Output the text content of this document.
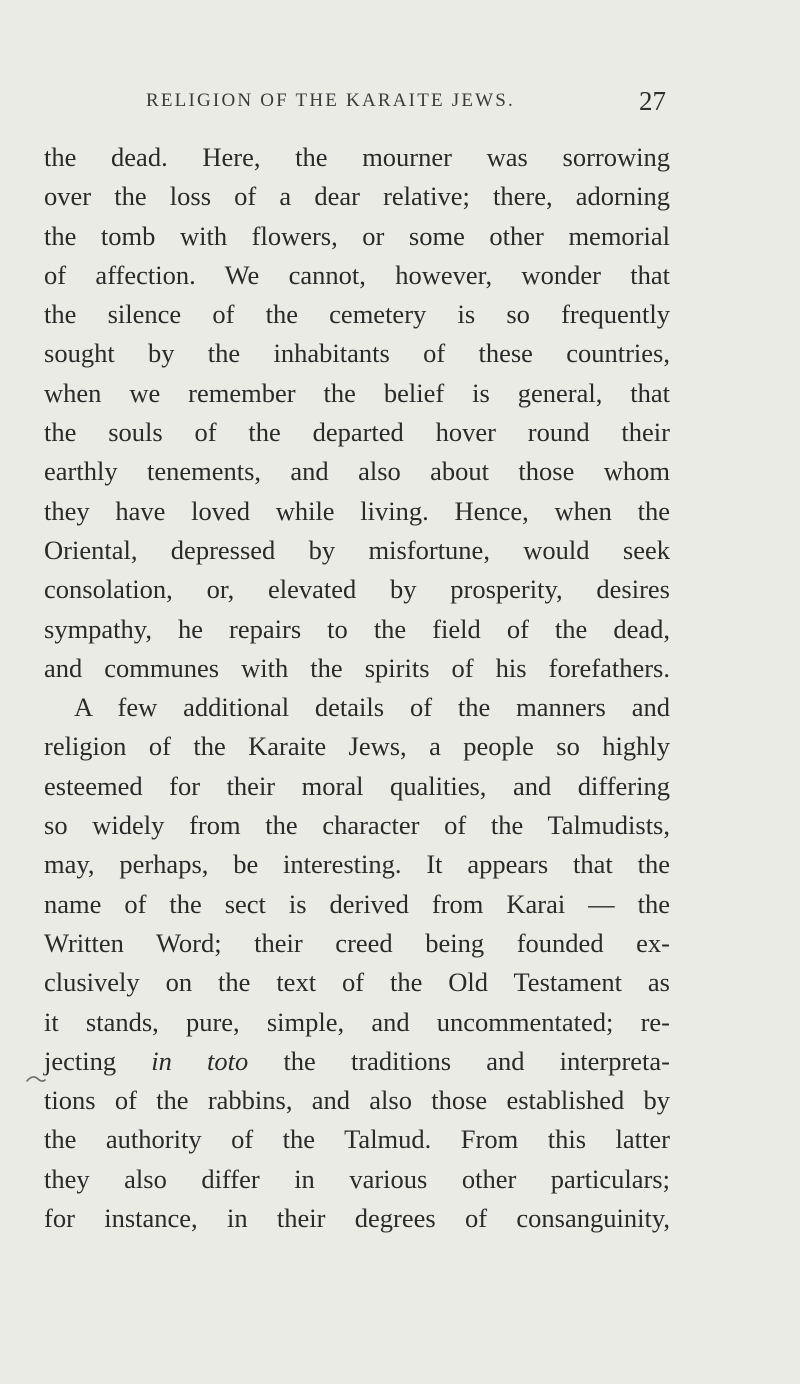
RELIGION OF THE KARAITE JEWS.	27
the dead. Here, the mourner was sorrowing
over the loss of a dear relative; there, adorning
the tomb with flowers, or some other memorial
of affection. We cannot, however, wonder that
the silence of the cemetery is so frequently
sought by the inhabitants of these countries,
when we remember the belief is general, that
the souls of the departed hover round their
earthly tenements, and also about those whom
they have loved while living. Hence, when the
Oriental, depressed by misfortune, would seek
consolation, or, elevated by prosperity, desires
sympathy, he repairs to the field of the dead,
and communes with the spirits of his forefathers.
A few additional details of the manners and
religion of the Karaite Jews, a people so highly
esteemed for their moral qualities, and differing
so widely from the character of the Talmudists,
may, perhaps, be interesting. It appears that the
name of the sect is derived from Karai — the
Written Word; their creed being founded ex-
clusively on the text of the Old Testament as
it stands, pure, simple, and uncommentated; re-
jecting in toto the traditions and interpreta-
tions of the rabbins, and also those established by
the authority of the Talmud. From this latter
they also differ in various other particulars;
for instance, in their degrees of consanguinity,
